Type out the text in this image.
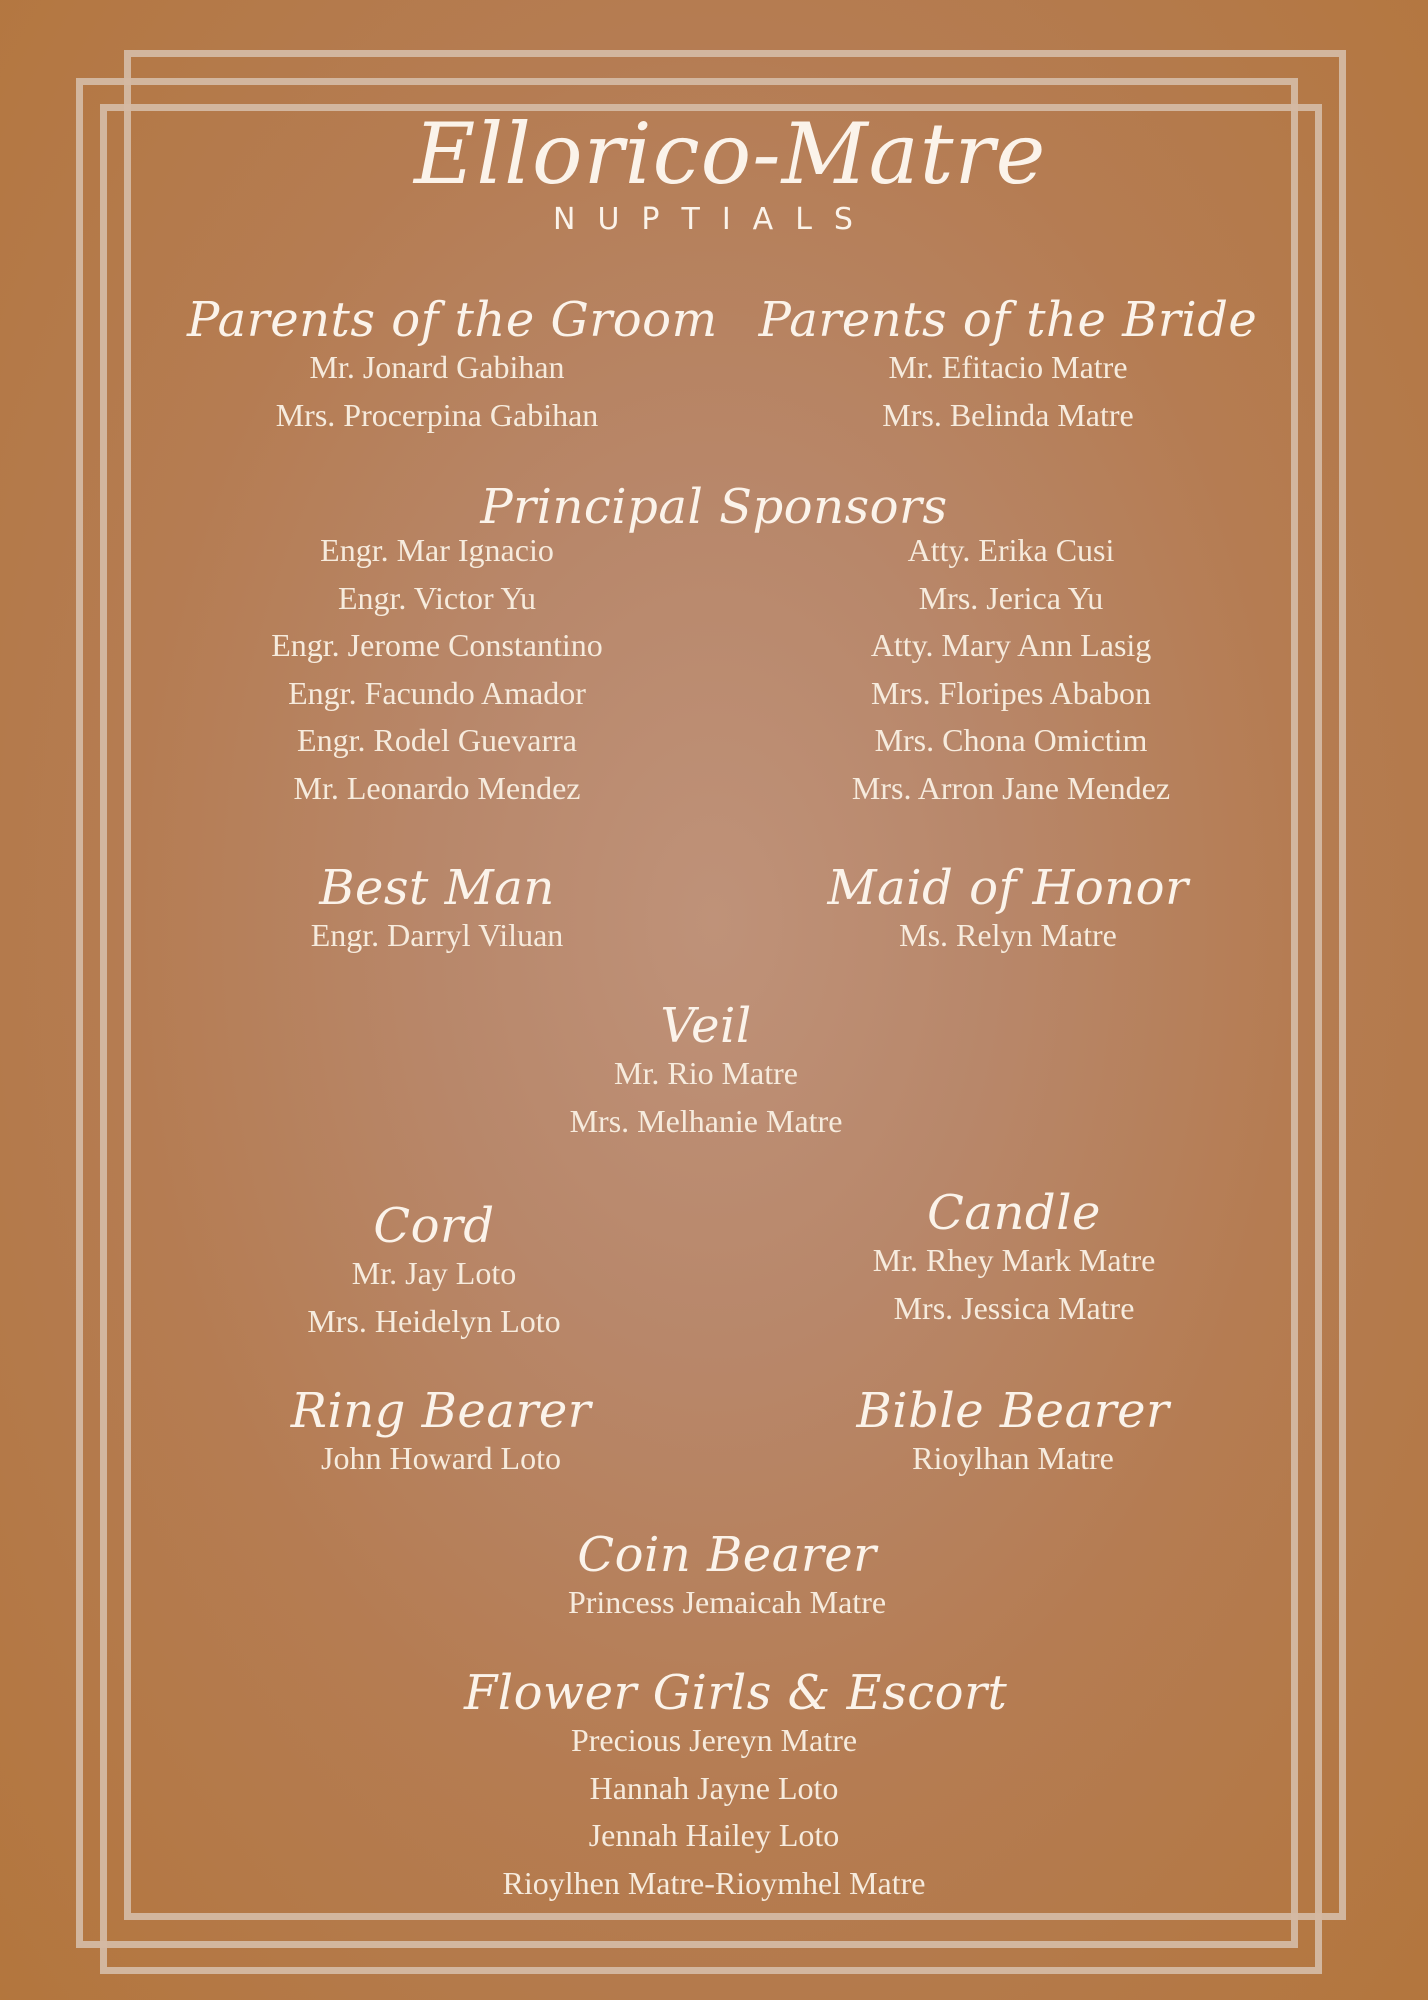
Ellorico-Matre
NUPTIALS
Parents of the Groom
Mr. Jonard Gabihan
Mrs. Procerpina Gabihan
Parents of the Bride
Mr. Efitacio Matre
Mrs. Belinda Matre
Principal Sponsors
Engr. Mar Ignacio
Engr. Victor Yu
Engr. Jerome Constantino
Engr. Facundo Amador
Engr. Rodel Guevarra
Mr. Leonardo Mendez
Atty. Erika Cusi
Mrs. Jerica Yu
Atty. Mary Ann Lasig
Mrs. Floripes Ababon
Mrs. Chona Omictim
Mrs. Arron Jane Mendez
Best Man
Engr. Darryl Viluan
Maid of Honor
Ms. Relyn Matre
Veil
Mr. Rio Matre
Mrs. Melhanie Matre
Cord
Mr. Jay Loto
Mrs. Heidelyn Loto
Candle
Mr. Rhey Mark Matre
Mrs. Jessica Matre
Ring Bearer
John Howard Loto
Bible Bearer
Rioylhan Matre
Coin Bearer
Princess Jemaicah Matre
Flower Girls & Escort
Precious Jereyn Matre
Hannah Jayne Loto
Jennah Hailey Loto
Rioylhen Matre-Rioymhel Matre
